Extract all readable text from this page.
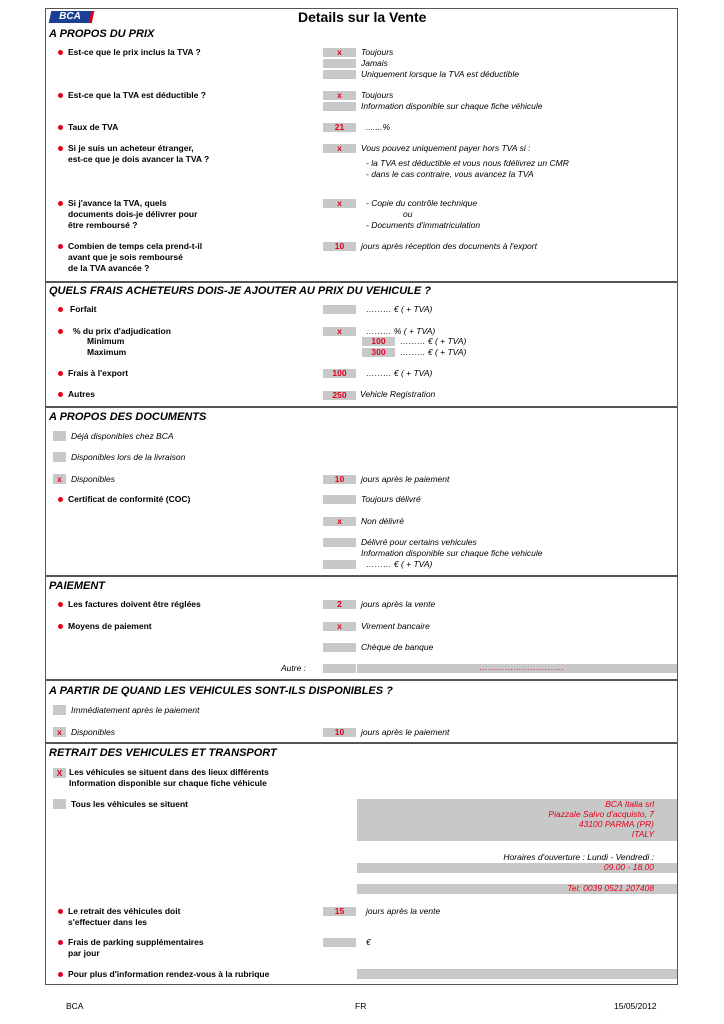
BCA	Details sur la Vente
A PROPOS DU PRIX
Est-ce que le prix inclus la TVA ?	x	Toujours
Jamais
Uniquement lorsque la TVA est déductible
Est-ce que la TVA est déductible ?	x	Toujours
Information disponible sur chaque fiche véhicule
Taux de TVA	21	.......%
Si je suis un acheteur étranger,
est-ce que je dois avancer la TVA ?
x	Vous pouvez uniquement payer hors TVA si :
- la TVA est déductible et vous nous fdélivrez un CMR
- dans le cas contraire, vous avancez la TVA
Si j'avance la TVA, quels
documents dois-je délivrer pour
être remboursé ?
x	- Copie du contrôle technique
ou
- Documents d'immatriculation
Combien de temps cela prend-t-il
avant que je sois remboursé
de la TVA avancée ?
10	jours après réception des documents à l'export
QUELS FRAIS ACHETEURS DOIS-JE AJOUTER AU PRIX DU VEHICULE ?
Forfait	……… € ( + TVA)
% du prix d'adjudication	x	……… % ( + TVA)
Minimum	100	……… € ( + TVA)
Maximum	300	……… € ( + TVA)
Frais à l'export	100	……… € ( + TVA)
Autres	250	Vehicle Registration
A PROPOS DES DOCUMENTS
Déjà disponibles chez BCA
Disponibles lors de la livraison
x	Disponibles	10	jours après le paiement
Certificat de conformité (COC)	Toujours délivré
x	Non délivré
Délivré pour certains vehicules
Information disponible sur chaque fiche vehicule
……… € ( + TVA)
PAIEMENT
Les factures doivent être réglées	2	jours après la vente
Moyens de paiement	x	Virement bancaire
Chèque de banque
Autre :	…………………………
A PARTIR DE QUAND LES VEHICULES SONT-ILS DISPONIBLES ?
Immédiatement après le paiement
x	Disponibles	10	jours après le paiement
RETRAIT DES VEHICULES ET TRANSPORT
X Les véhicules se situent dans des lieux différents
Information disponible sur chaque fiche véhicule
Tous les véhicules se situent	BCA Italia srl
Piazzale Salvo d'acquisto, 7
43100 PARMA (PR)
ITALY
Horaires d'ouverture : Lundi - Vendredi :
09.00 - 18.00
Tel: 0039 0521 207408
Le retrait des véhicules doit
s'effectuer dans les
15	jours après la vente
Frais de parking supplémentaires
par jour
€
Pour plus d'information rendez-vous à la rubrique
BCA	FR	15/05/2012
